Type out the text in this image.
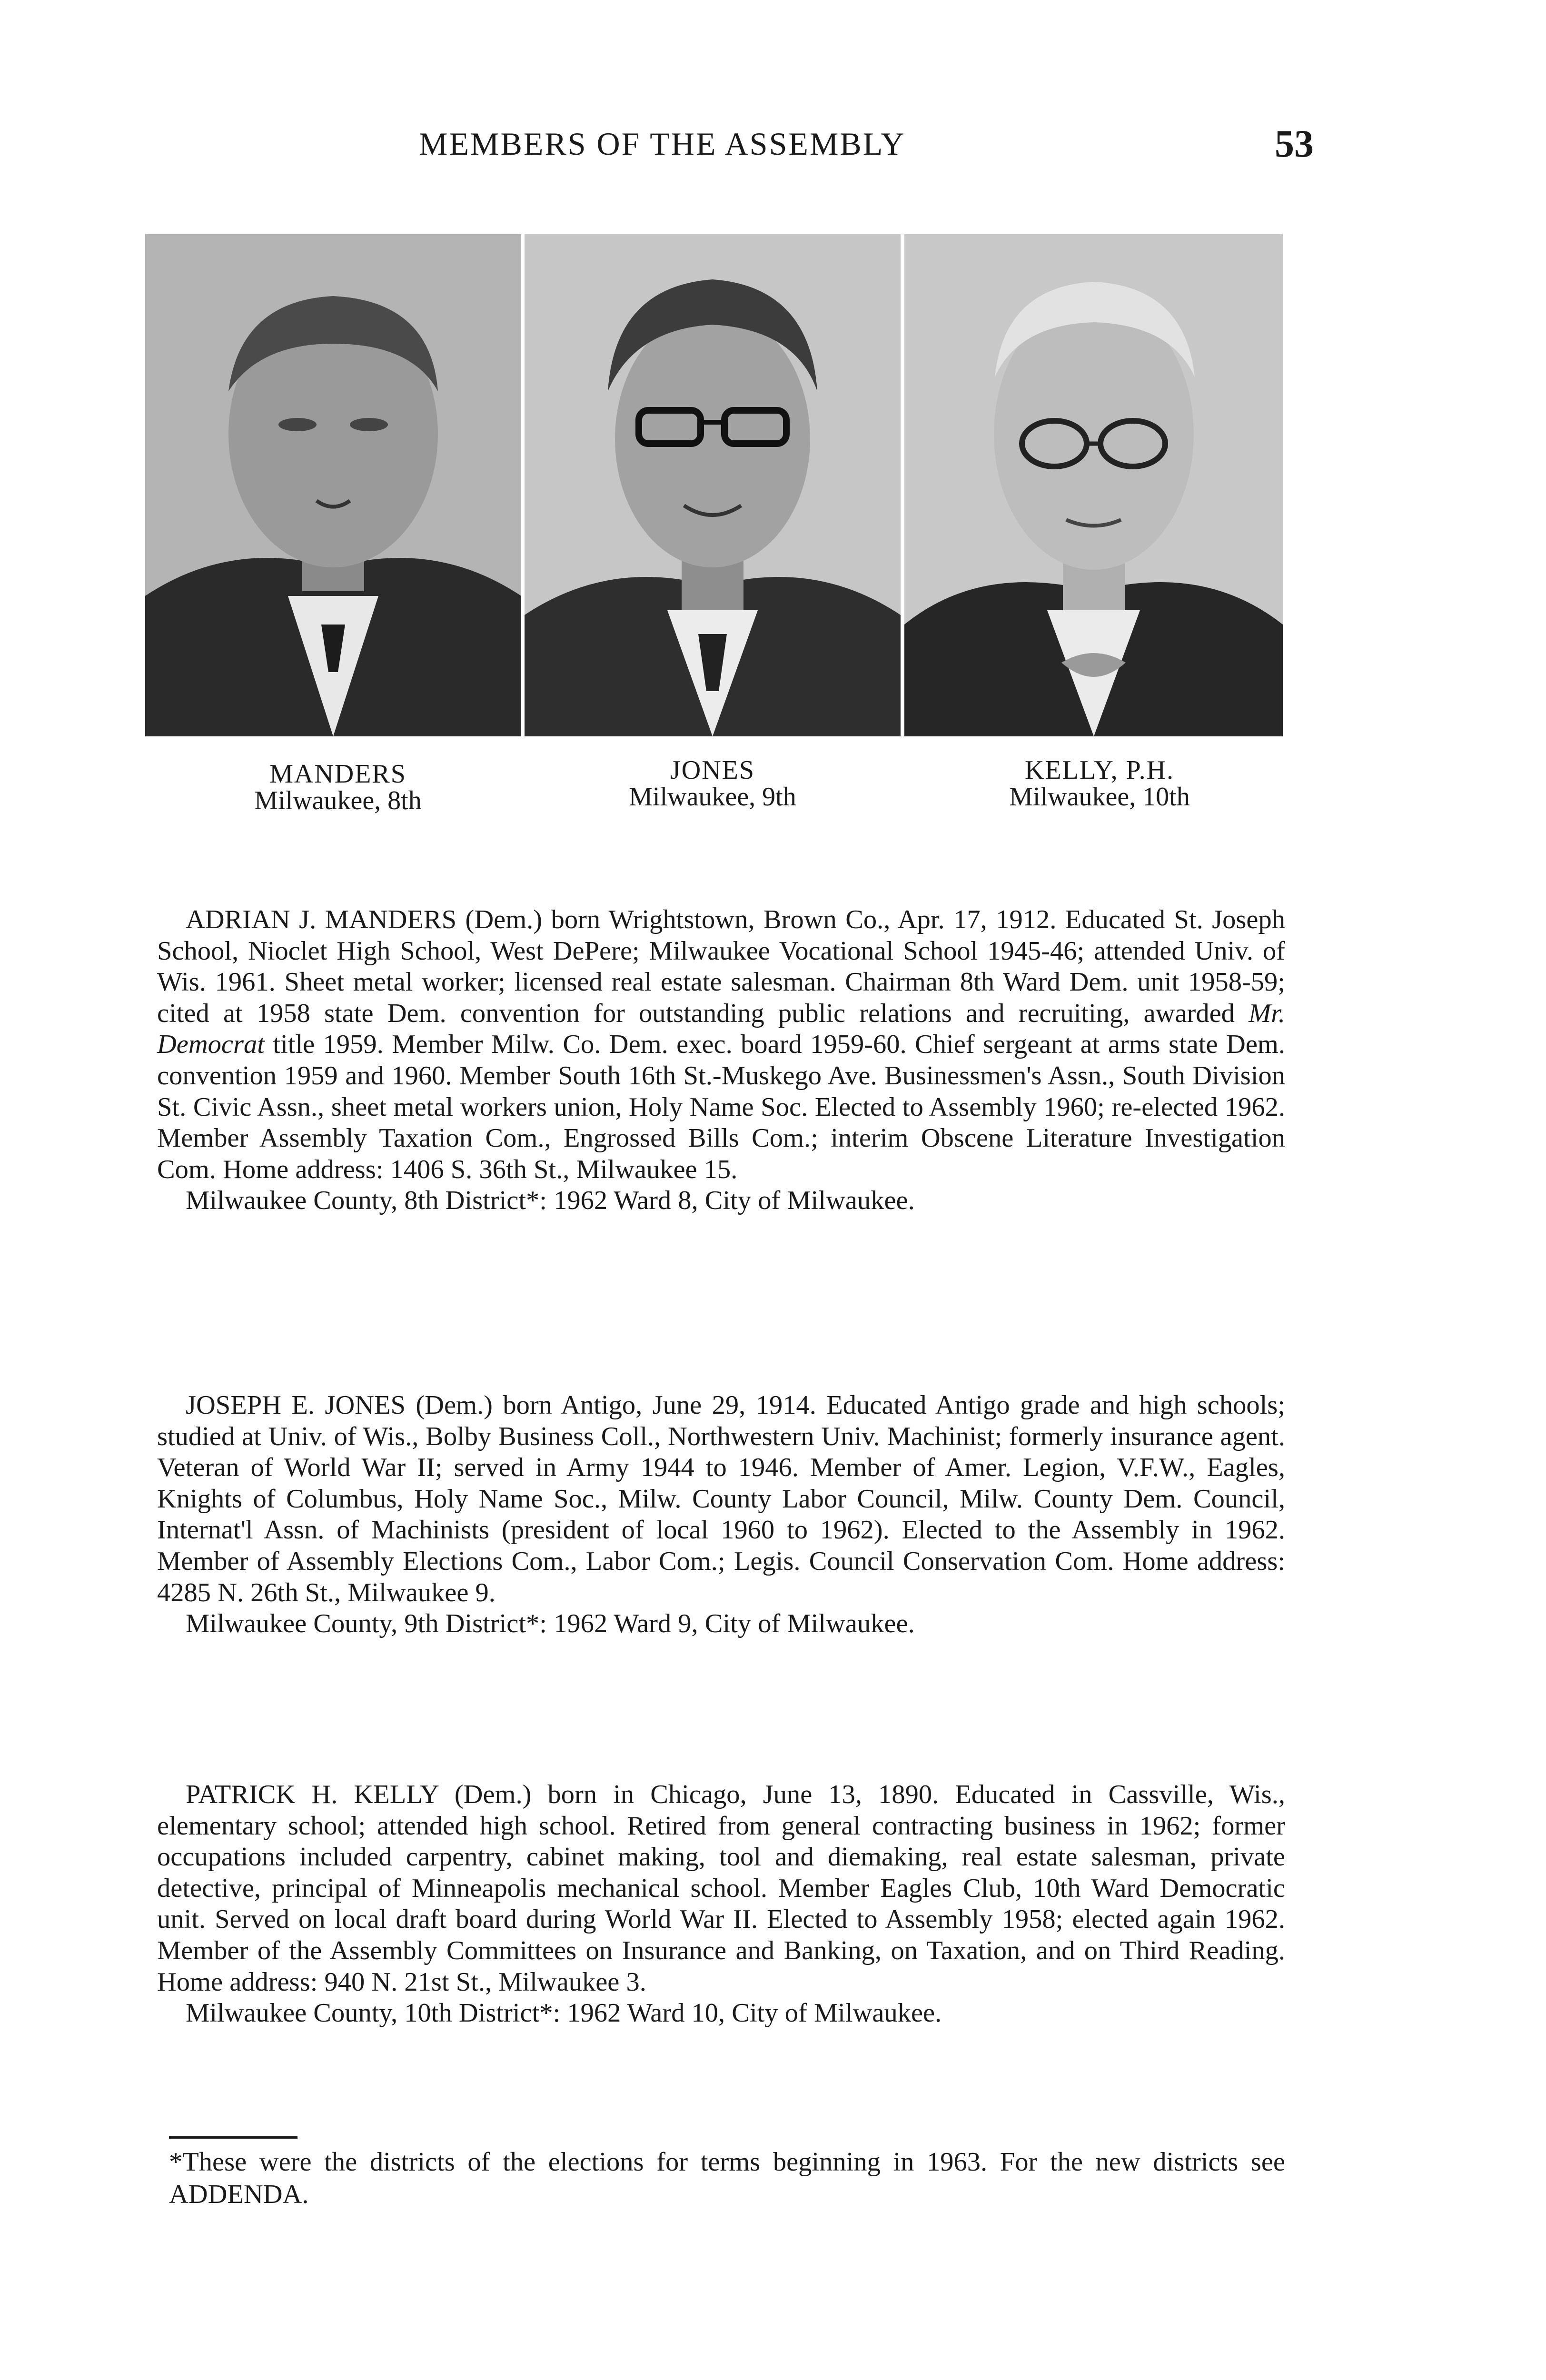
MEMBERS OF THE ASSEMBLY	53
MANDERS
Milwaukee, 8th
JONES
Milwaukee, 9th
KELLY, P.H.
Milwaukee, 10th

ADRIAN J. MANDERS (Dem.) born Wrightstown, Brown Co., Apr. 17, 1912. Educated St. Joseph School, Nioclet High School, West DePere; Milwaukee Vocational School 1945-46; attended Univ. of Wis. 1961. Sheet metal worker; licensed real estate salesman. Chairman 8th Ward Dem. unit 1958-59; cited at 1958 state Dem. convention for outstanding public relations and recruiting, awarded Mr. Democrat title 1959. Member Milw. Co. Dem. exec. board 1959-60. Chief sergeant at arms state Dem. convention 1959 and 1960. Member South 16th St.-Muskego Ave. Businessmen's Assn., South Division St. Civic Assn., sheet metal workers union, Holy Name Soc. Elected to Assembly 1960; re-elected 1962. Member Assembly Taxation Com., Engrossed Bills Com.; interim Obscene Literature Investigation Com. Home address: 1406 S. 36th St., Milwaukee 15.

Milwaukee County, 8th District*: 1962 Ward 8, City of Milwaukee.

JOSEPH E. JONES (Dem.) born Antigo, June 29, 1914. Educated Antigo grade and high schools; studied at Univ. of Wis., Bolby Business Coll., Northwestern Univ. Machinist; formerly insurance agent. Veteran of World War II; served in Army 1944 to 1946. Member of Amer. Legion, V.F.W., Eagles, Knights of Columbus, Holy Name Soc., Milw. County Labor Council, Milw. County Dem. Council, Internat'l Assn. of Machinists (president of local 1960 to 1962). Elected to the Assembly in 1962. Member of Assembly Elections Com., Labor Com.; Legis. Council Conservation Com. Home address: 4285 N. 26th St., Milwaukee 9.

Milwaukee County, 9th District*: 1962 Ward 9, City of Milwaukee.

PATRICK H. KELLY (Dem.) born in Chicago, June 13, 1890. Educated in Cassville, Wis., elementary school; attended high school. Retired from general contracting business in 1962; former occupations included carpentry, cabinet making, tool and diemaking, real estate salesman, private detective, principal of Minneapolis mechanical school. Member Eagles Club, 10th Ward Democratic unit. Served on local draft board during World War II. Elected to Assembly 1958; elected again 1962. Member of the Assembly Committees on Insurance and Banking, on Taxation, and on Third Reading. Home address: 940 N. 21st St., Milwaukee 3.

Milwaukee County, 10th District*: 1962 Ward 10, City of Milwaukee.

*These were the districts of the elections for terms beginning in 1963. For the new districts see ADDENDA.
